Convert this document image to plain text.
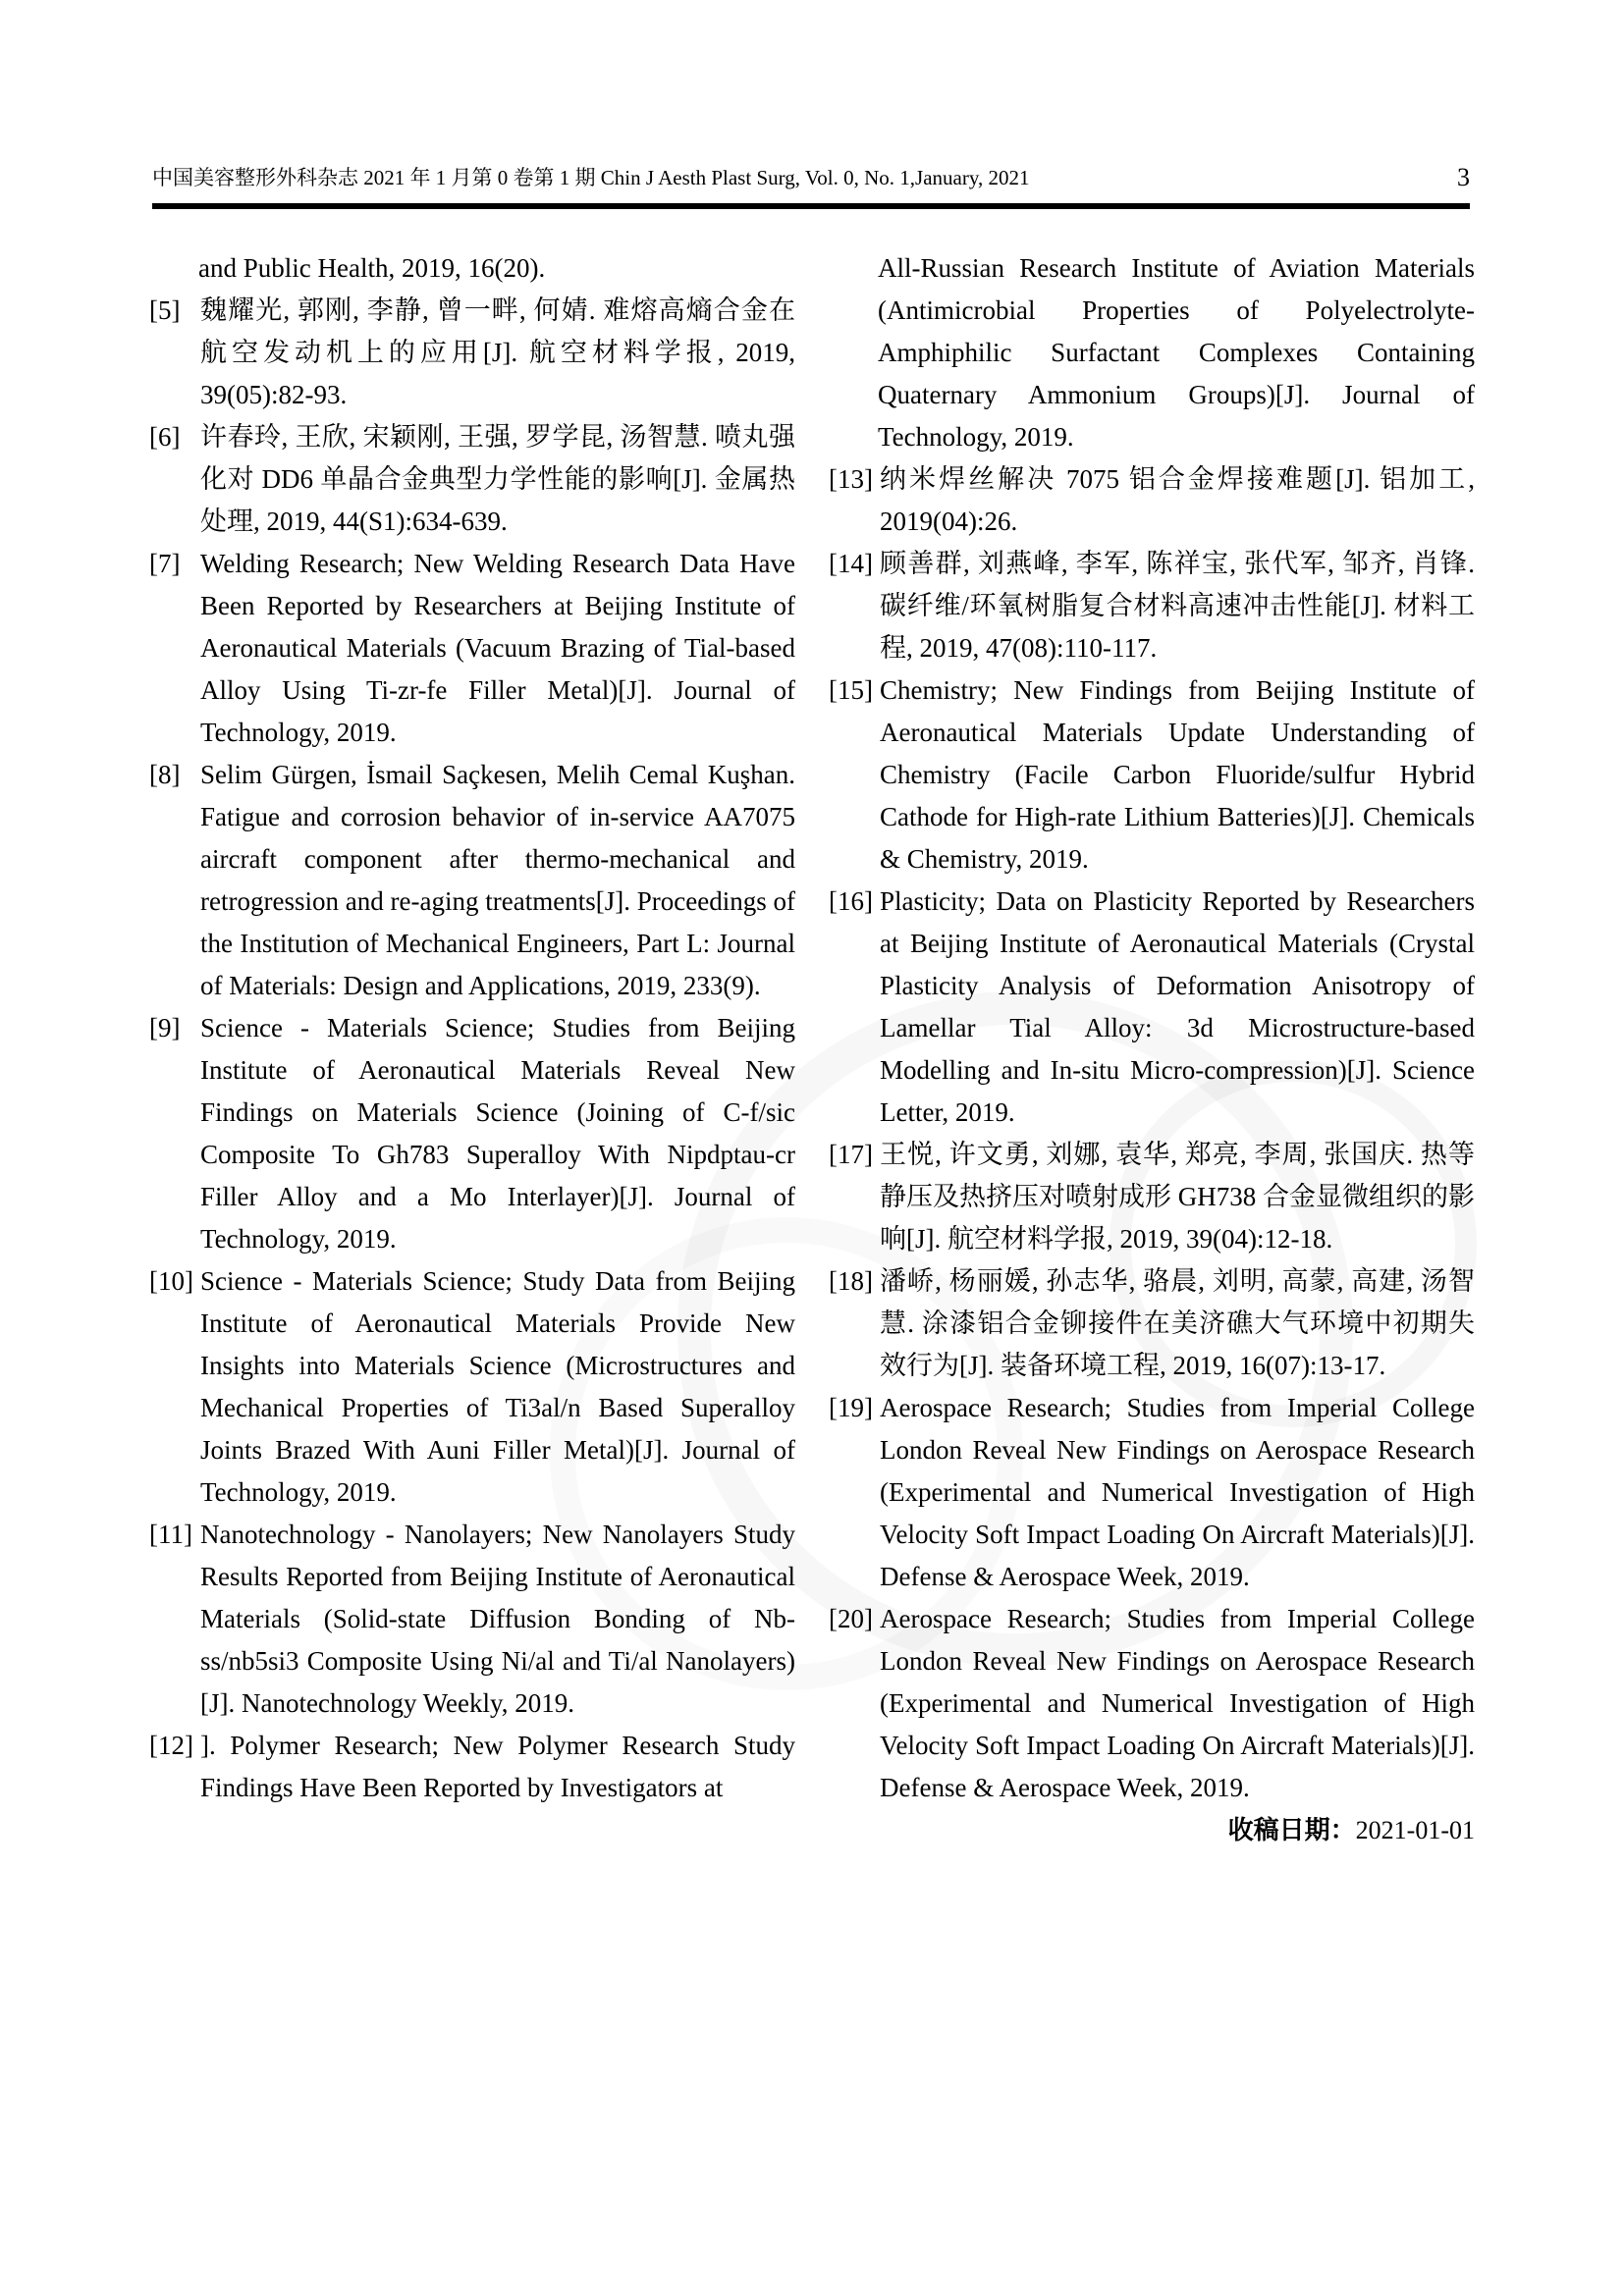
中国美容整形外科杂志 2021 年 1 月第 0 卷第 1 期 Chin J Aesth Plast Surg, Vol. 0, No. 1,January, 2021	3

and Public Health, 2019, 16(20).

[5] 魏耀光, 郭刚, 李静, 曾一畔, 何婧. 难熔高熵合金在航空发动机上的应用[J]. 航空材料学报, 2019, 39(05):82-93.
[6] 许春玲, 王欣, 宋颖刚, 王强, 罗学昆, 汤智慧. 喷丸强化对 DD6 单晶合金典型力学性能的影响[J]. 金属热处理, 2019, 44(S1):634-639.
[7] Welding Research; New Welding Research Data Have Been Reported by Researchers at Beijing Institute of Aeronautical Materials (Vacuum Brazing of Tial-based Alloy Using Ti-zr-fe Filler Metal)[J]. Journal of Technology, 2019.
[8] Selim Gürgen, İsmail Saçkesen, Melih Cemal Kuşhan. Fatigue and corrosion behavior of in-service AA7075 aircraft component after thermo-mechanical and retrogression and re-aging treatments[J]. Proceedings of the Institution of Mechanical Engineers, Part L: Journal of Materials: Design and Applications, 2019, 233(9).
[9] Science - Materials Science; Studies from Beijing Institute of Aeronautical Materials Reveal New Findings on Materials Science (Joining of C-f/sic Composite To Gh783 Superalloy With Nipdptau-cr Filler Alloy and a Mo Interlayer)[J]. Journal of Technology, 2019.
[10] Science - Materials Science; Study Data from Beijing Institute of Aeronautical Materials Provide New Insights into Materials Science (Microstructures and Mechanical Properties of Ti3al/n Based Superalloy Joints Brazed With Auni Filler Metal)[J]. Journal of Technology, 2019.
[11] Nanotechnology - Nanolayers; New Nanolayers Study Results Reported from Beijing Institute of Aeronautical Materials (Solid-state Diffusion Bonding of Nb-ss/nb5si3 Composite Using Ni/al and Ti/al Nanolayers)[J]. Nanotechnology Weekly, 2019.
[12] ]. Polymer Research; New Polymer Research Study Findings Have Been Reported by Investigators at

All-Russian Research Institute of Aviation Materials (Antimicrobial Properties of Polyelectrolyte-Amphiphilic Surfactant Complexes Containing Quaternary Ammonium Groups)[J]. Journal of Technology, 2019.

[13] 纳米焊丝解决 7075 铝合金焊接难题[J]. 铝加工, 2019(04):26.
[14] 顾善群, 刘燕峰, 李军, 陈祥宝, 张代军, 邹齐, 肖锋. 碳纤维/环氧树脂复合材料高速冲击性能[J]. 材料工程, 2019, 47(08):110-117.
[15] Chemistry; New Findings from Beijing Institute of Aeronautical Materials Update Understanding of Chemistry (Facile Carbon Fluoride/sulfur Hybrid Cathode for High-rate Lithium Batteries)[J]. Chemicals & Chemistry, 2019.
[16] Plasticity; Data on Plasticity Reported by Researchers at Beijing Institute of Aeronautical Materials (Crystal Plasticity Analysis of Deformation Anisotropy of Lamellar Tial Alloy: 3d Microstructure-based Modelling and In-situ Micro-compression)[J]. Science Letter, 2019.
[17] 王悦, 许文勇, 刘娜, 袁华, 郑亮, 李周, 张国庆. 热等静压及热挤压对喷射成形 GH738 合金显微组织的影响[J]. 航空材料学报, 2019, 39(04):12-18.
[18] 潘峤, 杨丽媛, 孙志华, 骆晨, 刘明, 高蒙, 高建, 汤智慧. 涂漆铝合金铆接件在美济礁大气环境中初期失效行为[J]. 装备环境工程, 2019, 16(07):13-17.
[19] Aerospace Research; Studies from Imperial College London Reveal New Findings on Aerospace Research (Experimental and Numerical Investigation of High Velocity Soft Impact Loading On Aircraft Materials)[J]. Defense & Aerospace Week, 2019.
[20] Aerospace Research; Studies from Imperial College London Reveal New Findings on Aerospace Research (Experimental and Numerical Investigation of High Velocity Soft Impact Loading On Aircraft Materials)[J]. Defense & Aerospace Week, 2019.

收稿日期：2021-01-01
